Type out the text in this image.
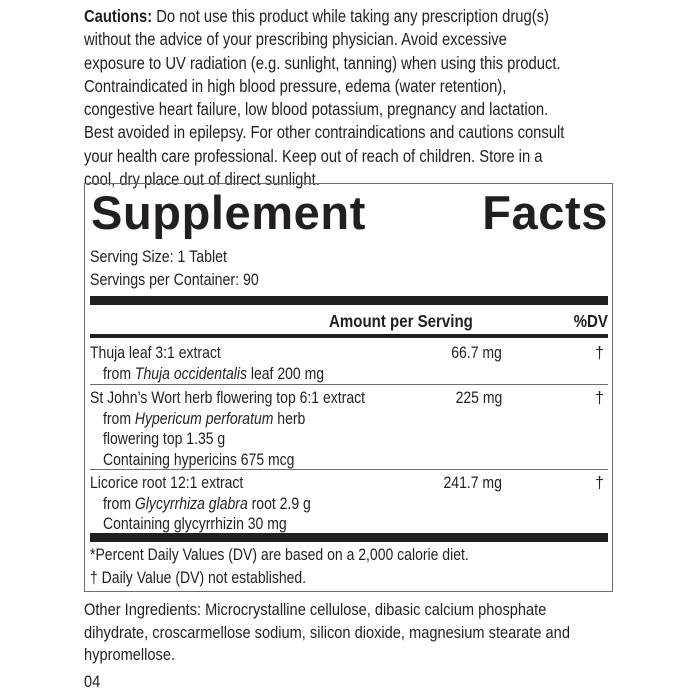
Cautions: Do not use this product while taking any prescription drug(s)
without the advice of your prescribing physician. Avoid excessive
exposure to UV radiation (e.g. sunlight, tanning) when using this product.
Contraindicated in high blood pressure, edema (water retention),
congestive heart failure, low blood potassium, pregnancy and lactation.
Best avoided in epilepsy. For other contraindications and cautions consult
your health care professional. Keep out of reach of children. Store in a
cool, dry place out of direct sunlight.
Supplement Facts
Serving Size: 1 Tablet
Servings per Container: 90
Amount per Serving	%DV
Thuja leaf 3:1 extract
from Thuja occidentalis leaf 200 mg
66.7 mg	†
St John’s Wort herb flowering top 6:1 extract
from Hypericum perforatum herb
flowering top 1.35 g
Containing hypericins 675 mcg
225 mg	†
Licorice root 12:1 extract
from Glycyrrhiza glabra root 2.9 g
Containing glycyrrhizin 30 mg
241.7 mg	†
*Percent Daily Values (DV) are based on a 2,000 calorie diet.
† Daily Value (DV) not established.
Other Ingredients: Microcrystalline cellulose, dibasic calcium phosphate
dihydrate, croscarmellose sodium, silicon dioxide, magnesium stearate and
hypromellose.
04
